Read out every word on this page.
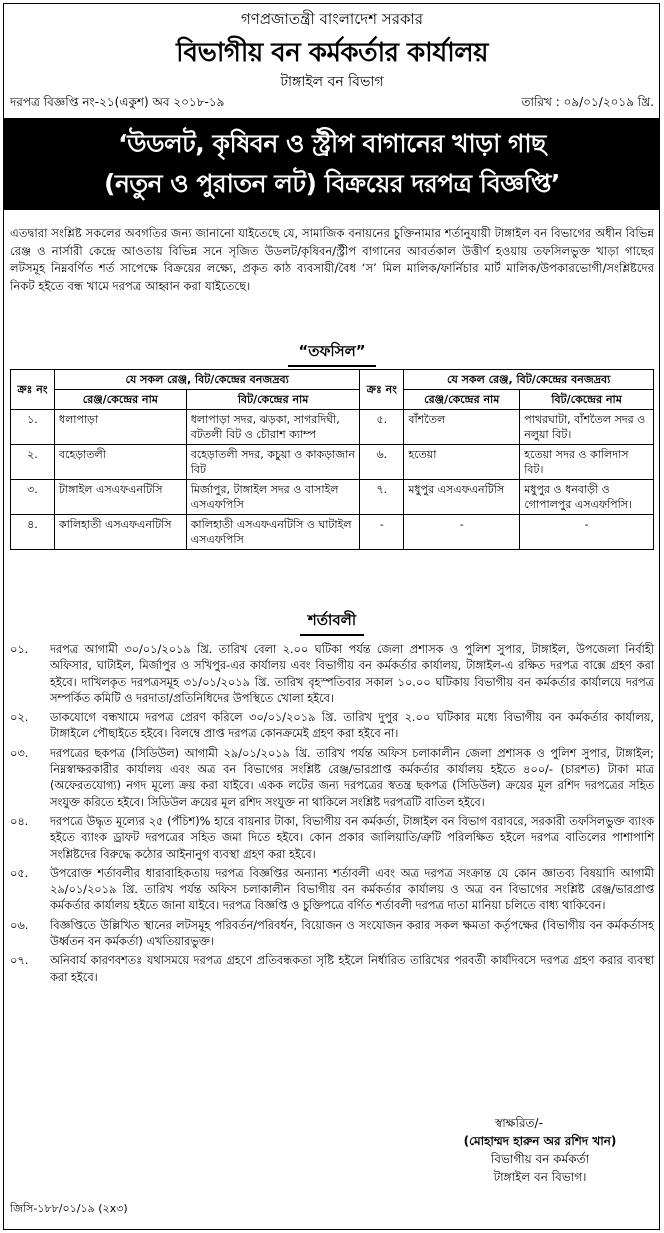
গণপ্রজাতন্ত্রী বাংলাদেশ সরকার
বিভাগীয় বন কর্মকর্তার কার্যালয়
টাঙ্গাইল বন বিভাগ
দরপত্র বিজ্ঞপ্তি নং-২১(একুশ) অব ২০১৮-১৯	তারিখ : ০৯/০১/২০১৯ খ্রি.
‘উডলট, কৃষিবন ও স্ট্রীপ বাগানের খাড়া গাছ
(নতুন ও পুরাতন লট) বিক্রয়ের দরপত্র বিজ্ঞপ্তি’
এতদ্বারা সংশ্লিষ্ট সকলের অবগতির জন্য জানানো যাইতেছে যে, সামাজিক বনায়নের চুক্তিনামার শর্তানুযায়ী টাঙ্গাইল বন বিভাগের অধীন বিভিন্ন রেঞ্জ ও নার্সারী কেন্দ্রে আওতায় বিভিন্ন সনে সৃজিত উডলট/কৃষিবন/স্ট্রীপ বাগানের আবর্তকাল উত্তীর্ণ হওয়ায় তফসিলভুক্ত খাড়া গাছের লটসমূহ নিম্নবর্ণিত শর্ত সাপেক্ষে বিক্রয়ের লক্ষ্যে, প্রকৃত কাঠ ব্যবসায়ী/বৈধ ‘স’ মিল মালিক/ফার্নিচার মার্ট মালিক/উপকারভোগী/সংশ্লিষ্টদের নিকট হইতে বন্ধ খামে দরপত্র আহ্বান করা যাইতেছে।
“তফসিল”
ক্রঃ নং	যে সকল রেঞ্জ, বিট/কেন্দ্রের বনজদ্রব্য		ক্রঃ নং	যে সকল রেঞ্জ, বিট/কেন্দ্রের বনজদ্রব্য	
	রেঞ্জ/কেন্দ্রের নাম	বিট/কেন্দ্রের নাম		রেঞ্জ/কেন্দ্রের নাম	বিট/কেন্দ্রের নাম
১.	ধলাপাড়া	ধলাপাড়া সদর, ঝড়কা, সাগরদিঘী, বটতলী বিট ও চৌরাশ ক্যাম্প	৫.	বাঁশতৈল	পাথরঘাটা, বাঁশতৈল সদর ও নলুয়া বিট।
২.	বহেড়াতলী	বহেড়াতলী সদর, কচুয়া ও কাকড়াজান বিট	৬.	হতেয়া	হতেয়া সদর ও কালিদাস বিট।
৩.	টাঙ্গাইল এসএফএনটিসি	মির্জাপুর, টাঙ্গাইল সদর ও বাসাইল এসএফপিসি	৭.	মধুপুর এসএফএনটিসি	মধুপুর ও ধনবাড়ী ও গোপালপুর এসএফপিসি।
৪.	কালিহাতী এসএফএনটিসি	কালিহাতী এসএফএনটিসি ও ঘাটাইল এসএফপিসি	-	-	-
শর্তাবলী
০১.	দরপত্র আগামী ৩০/০১/২০১৯ খ্রি. তারিখ বেলা ২.০০ ঘটিকা পর্যন্ত জেলা প্রশাসক ও পুলিশ সুপার, টাঙ্গাইল, উপজেলা নির্বাহী অফিসার, ঘাটাইল, মির্জাপুর ও সখিপুর-এর কার্যালয় এবং বিভাগীয় বন কর্মকর্তার কার্যালয়, টাঙ্গাইল-এ রক্ষিত দরপত্র বাক্সে গ্রহণ করা হইবে। দাখিলকৃত দরপত্রসমূহ ৩১/০১/২০১৯ খ্রি. তারিখ বৃহস্পতিবার সকাল ১০.০০ ঘটিকায় বিভাগীয় বন কর্মকর্তার কার্যালয়ে দরপত্র সম্পর্কিত কমিটি ও দরদাতা/প্রতিনিধিদের উপস্থিতে খোলা হইবে।
০২.	ডাকযোগে বন্ধখামে দরপত্র প্রেরণ করিলে ৩০/০১/২০১৯ খ্রি. তারিখ দুপুর ২.০০ ঘটিকার মধ্যে বিভাগীয় বন কর্মকর্তার কার্যালয়, টাঙ্গাইলে পৌছাইতে হইবে। বিলম্বে প্রাপ্ত দরপত্র কোনক্রমেই গ্রহণ করা হইবে না।
০৩.	দরপত্রের ছকপত্র (সিডিউল) আগামী ২৯/০১/২০১৯ খ্রি. তারিখ পর্যন্ত অফিস চলাকালীন জেলা প্রশাসক ও পুলিশ সুপার, টাঙ্গাইল; নিম্নস্বাক্ষরকারীর কার্যালয় এবং অত্র বন বিভাগের সংশ্লিষ্ট রেঞ্জ/ভারপ্রাপ্ত কর্মকর্তার কার্যালয় হইতে ৪০০/- (চারশত) টাকা মাত্র (অফেরতযোগ্য) নগদ মূল্যে ক্রয় করা যাইবে। একক লটের জন্য দরপত্রের স্বতন্ত্র ছকপত্র (সিডিউল) ক্রয়ের মূল রশিদ দরপত্রের সহিত সংযুক্ত করিতে হইবে। সিডিউল ক্রয়ের মূল রশিদ সংযুক্ত না থাকিলে সংশ্লিষ্ট দরপত্রটি বাতিল হইবে।
০৪.	দরপত্রে উদ্ধৃত মূল্যের ২৫ (পঁচিশ)% হারে বায়নার টাকা, বিভাগীয় বন কর্মকর্তা, টাঙ্গাইল বন বিভাগ বরাবরে, সরকারী তফসিলভুক্ত ব্যাংক হইতে ব্যাংক ড্রাফট দরপত্রের সহিত জমা দিতে হইবে। কোন প্রকার জালিয়াতি/ত্রুটি পরিলক্ষিত হইলে দরপত্র বাতিলের পাশাপাশি সংশ্লিষ্টদের বিরুদ্ধে কঠোর আইনানুগ ব্যবস্থা গ্রহণ করা হইবে।
০৫.	উপরোক্ত শর্তাবলীর ধারাবাহিকতায় দরপত্র বিজ্ঞপ্তির অন্যান্য শর্তাবলী এবং অত্র দরপত্র সংক্রান্ত যে কোন জ্ঞাতব্য বিষয়াদি আগামী ২৯/০১/২০১৯ খ্রি. তারিখ পর্যন্ত অফিস চলাকালীন বিভাগীয় বন কর্মকর্তার কার্যালয় ও অত্র বন বিভাগের সংশ্লিষ্ট রেঞ্জ/ভারপ্রাপ্ত কর্মকর্তার কার্যালয় হইতে জানা যাইবে। দরপত্র বিজ্ঞপ্তি ও চুক্তিপত্রে বর্ণিত শর্তাবলী দরপত্র দাতা মানিয়া চলিতে বাধ্য থাকিবেন।
০৬.	বিজ্ঞপ্তিতে উল্লিখিত স্থানের লটসমূহ পরিবর্তন/পরিবর্ধন, বিয়োজন ও সংযোজন করার সকল ক্ষমতা কর্তৃপক্ষের (বিভাগীয় বন কর্মকর্তাসহ উর্ধ্বতন বন কর্মকর্তা) এখতিয়ারভুক্ত।
০৭.	অনিবার্য কারণবশতঃ যথাসময়ে দরপত্র গ্রহণে প্রতিবন্ধকতা সৃষ্টি হইলে নির্ধারিত তারিখের পরবর্তী কার্যদিবসে দরপত্র গ্রহণ করার ব্যবস্থা করা হইবে।
স্বাক্ষরিত/-
(মোহাম্মদ হারুন অর রশিদ খান)
বিভাগীয় বন কর্মকর্তা
টাঙ্গাইল বন বিভাগ।
জিসি-১৮৮/০১/১৯ (২x৩)
